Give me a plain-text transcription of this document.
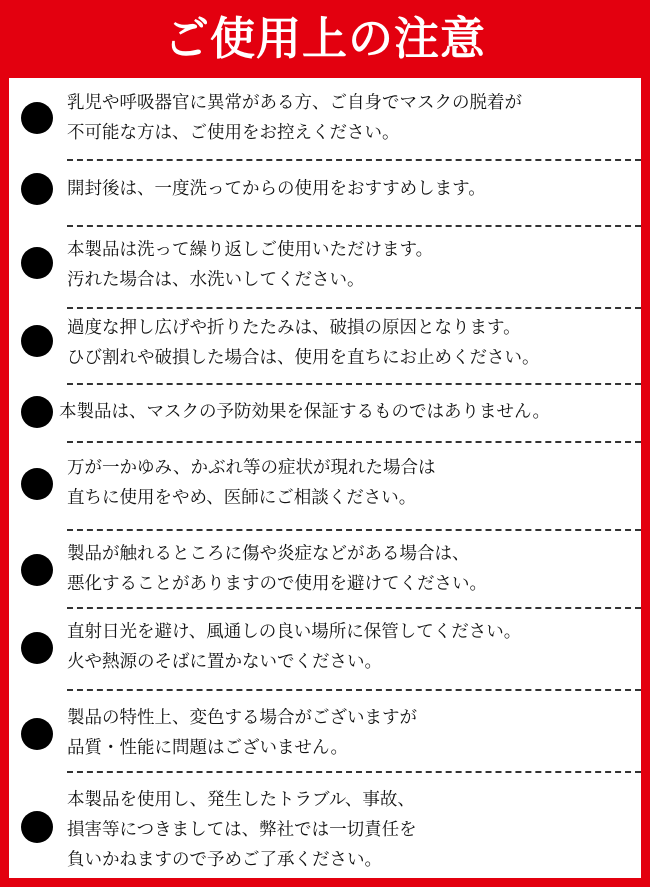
ご使用上の注意
乳児や呼吸器官に異常がある方、ご自身でマスクの脱着が
不可能な方は、ご使用をお控えください。
開封後は、一度洗ってからの使用をおすすめします。
本製品は洗って繰り返しご使用いただけます。
汚れた場合は、水洗いしてください。
過度な押し広げや折りたたみは、破損の原因となります。
ひび割れや破損した場合は、使用を直ちにお止めください。
本製品は、マスクの予防効果を保証するものではありません。
万が一かゆみ、かぶれ等の症状が現れた場合は
直ちに使用をやめ、医師にご相談ください。
製品が触れるところに傷や炎症などがある場合は、
悪化することがありますので使用を避けてください。
直射日光を避け、風通しの良い場所に保管してください。
火や熱源のそばに置かないでください。
製品の特性上、変色する場合がございますが
品質・性能に問題はございません。
本製品を使用し、発生したトラブル、事故、
損害等につきましては、弊社では一切責任を
負いかねますので予めご了承ください。
